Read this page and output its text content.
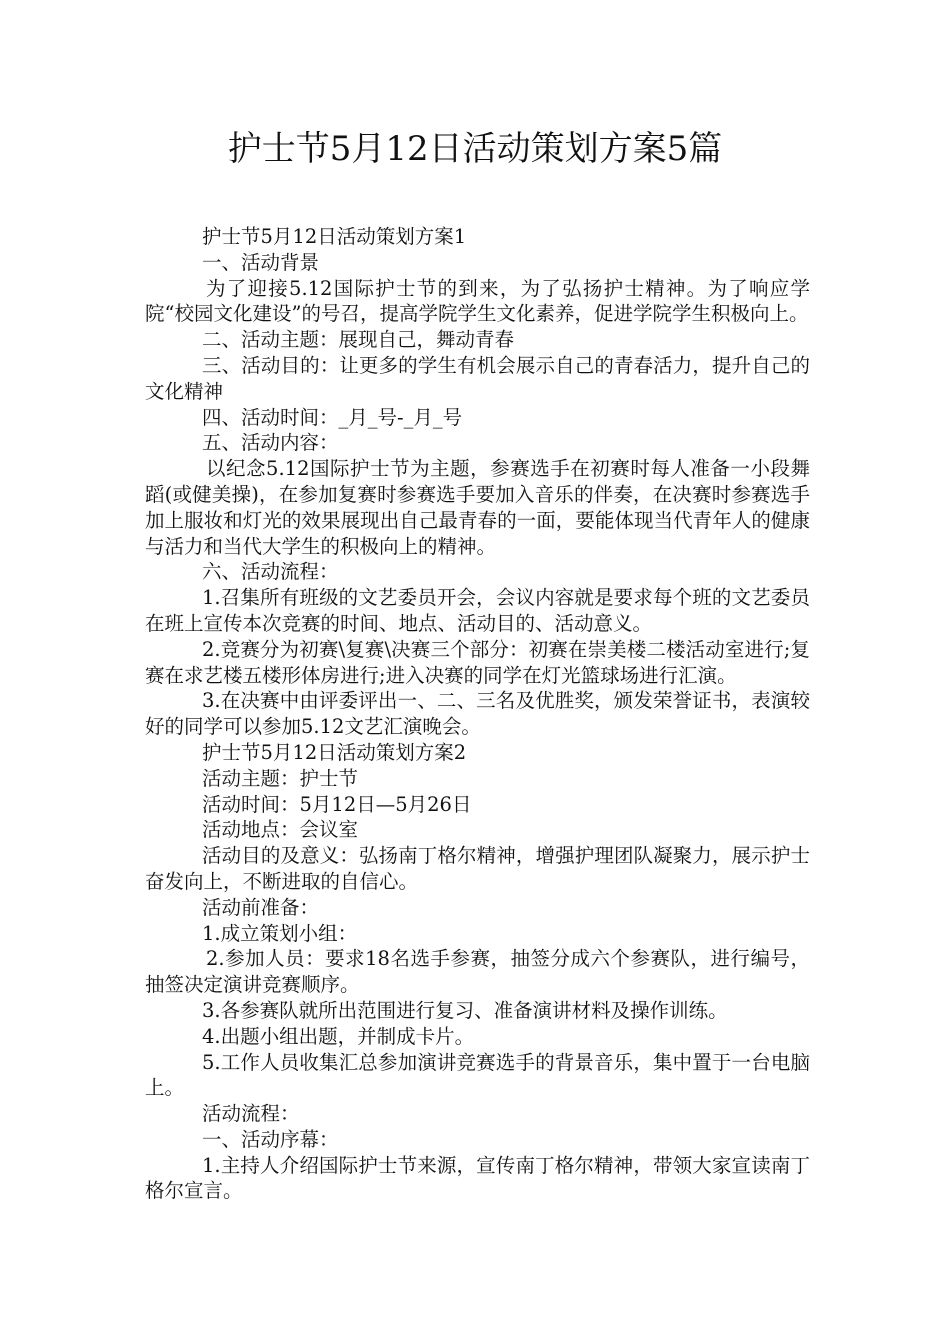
护士节5月12日活动策划方案5篇

护士节5月12日活动策划方案1

一、活动背景

为了迎接5.12国际护士节的到来，为了弘扬护士精神。为了响应学院“校园文化建设”的号召，提高学院学生文化素养，促进学院学生积极向上。

二、活动主题：展现自己，舞动青春

三、活动目的：让更多的学生有机会展示自己的青春活力，提升自己的文化精神

四、活动时间：_月_号-_月_号

五、活动内容：

以纪念5.12国际护士节为主题，参赛选手在初赛时每人准备一小段舞蹈(或健美操)，在参加复赛时参赛选手要加入音乐的伴奏，在决赛时参赛选手加上服妆和灯光的效果展现出自己最青春的一面，要能体现当代青年人的健康与活力和当代大学生的积极向上的精神。

六、活动流程：

1.召集所有班级的文艺委员开会，会议内容就是要求每个班的文艺委员在班上宣传本次竞赛的时间、地点、活动目的、活动意义。

2.竞赛分为初赛\复赛\决赛三个部分：初赛在崇美楼二楼活动室进行;复赛在求艺楼五楼形体房进行;进入决赛的同学在灯光篮球场进行汇演。

3.在决赛中由评委评出一、二、三名及优胜奖，颁发荣誉证书，表演较好的同学可以参加5.12文艺汇演晚会。

护士节5月12日活动策划方案2

活动主题：护士节

活动时间：5月12日—5月26日

活动地点：会议室

活动目的及意义：弘扬南丁格尔精神，增强护理团队凝聚力，展示护士奋发向上，不断进取的自信心。

活动前准备：

1.成立策划小组：

2.参加人员：要求18名选手参赛，抽签分成六个参赛队，进行编号，抽签决定演讲竞赛顺序。

3.各参赛队就所出范围进行复习、准备演讲材料及操作训练。

4.出题小组出题，并制成卡片。

5.工作人员收集汇总参加演讲竞赛选手的背景音乐，集中置于一台电脑上。

活动流程：

一、活动序幕：

1.主持人介绍国际护士节来源，宣传南丁格尔精神，带领大家宣读南丁格尔宣言。
